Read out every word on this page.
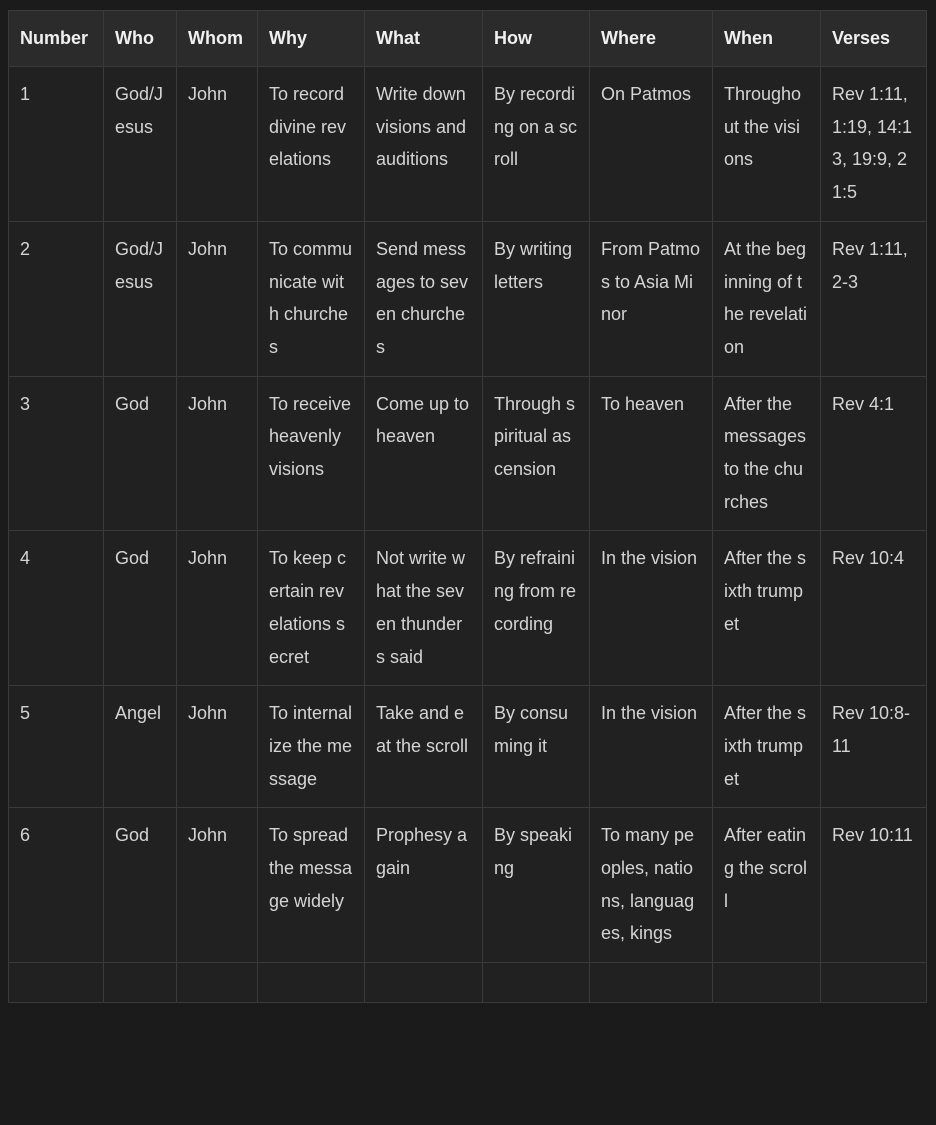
Number	Who	Whom	Why	What	How	Where	When	Verses
1	God/Jesus	John	To record divine revelations	Write down visions and auditions	By recording on a scroll	On Patmos	Throughout the visions	Rev 1:11, 1:19, 14:13, 19:9, 21:5
2	God/Jesus	John	To communicate with churches	Send messages to seven churches	By writing letters	From Patmos to Asia Minor	At the beginning of the revelation	Rev 1:11, 2-3
3	God	John	To receive heavenly visions	Come up to heaven	Through spiritual ascension	To heaven	After the messages to the churches	Rev 4:1
4	God	John	To keep certain revelations secret	Not write what the seven thunders said	By refraining from recording	In the vision	After the sixth trumpet	Rev 10:4
5	Angel	John	To internalize the message	Take and eat the scroll	By consuming it	In the vision	After the sixth trumpet	Rev 10:8-11
6	God	John	To spread the message widely	Prophesy again	By speaking	To many peoples, nations, languages, kings	After eating the scroll	Rev 10:11
